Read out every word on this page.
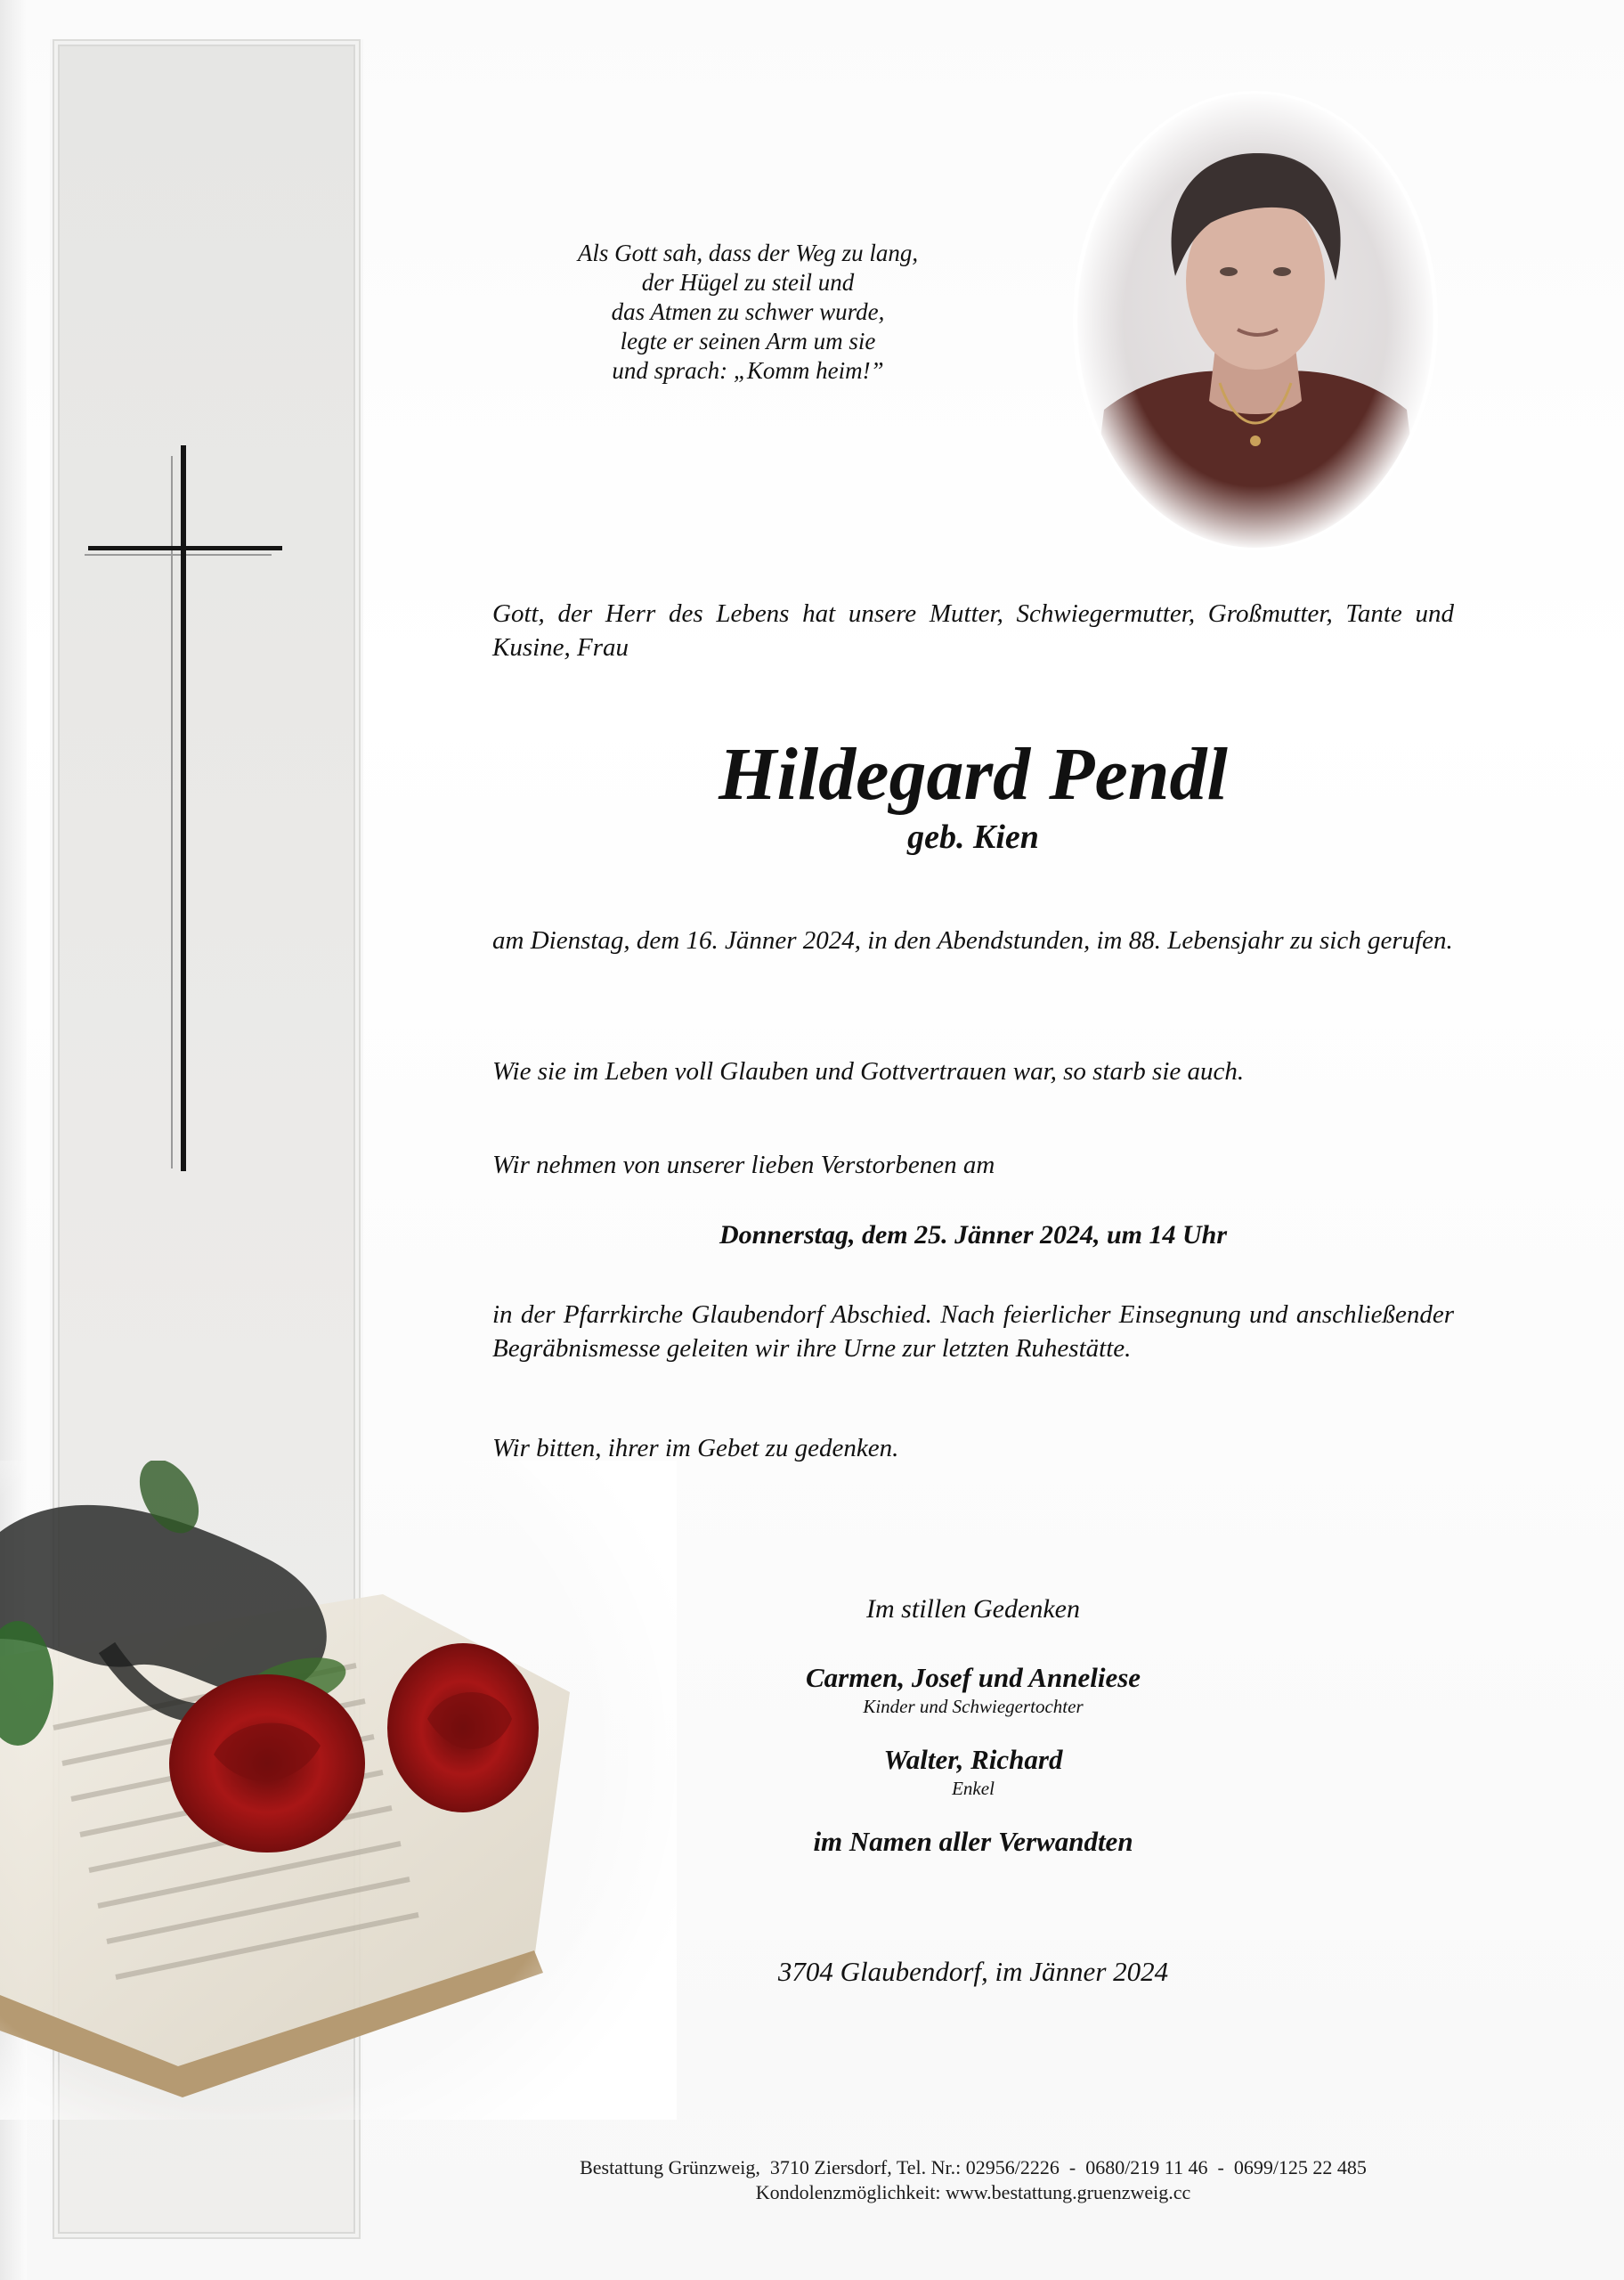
Als Gott sah, dass der Weg zu lang,
der Hügel zu steil und
das Atmen zu schwer wurde,
legte er seinen Arm um sie
und sprach: „Komm heim!”
Gott, der Herr des Lebens hat unsere Mutter, Schwiegermutter, Großmutter, Tante und Kusine, Frau
Hildegard Pendl
geb. Kien
am Dienstag, dem 16. Jänner 2024, in den Abendstunden, im 88. Lebensjahr zu sich gerufen.
Wie sie im Leben voll Glauben und Gottvertrauen war, so starb sie auch.
Wir nehmen von unserer lieben Verstorbenen am
Donnerstag, dem 25. Jänner 2024, um 14 Uhr
in der Pfarrkirche Glaubendorf Abschied. Nach feierlicher Einsegnung und anschließender Begräbnismesse geleiten wir ihre Urne zur letzten Ruhestätte.
Wir bitten, ihrer im Gebet zu gedenken.
Im stillen Gedenken
Carmen, Josef und Anneliese
Kinder und Schwiegertochter
Walter, Richard
Enkel
im Namen aller Verwandten
3704 Glaubendorf, im Jänner 2024
Bestattung Grünzweig,  3710 Ziersdorf, Tel. Nr.: 02956/2226  -  0680/219 11 46  -  0699/125 22 485
Kondolenzmöglichkeit: www.bestattung.gruenzweig.cc
